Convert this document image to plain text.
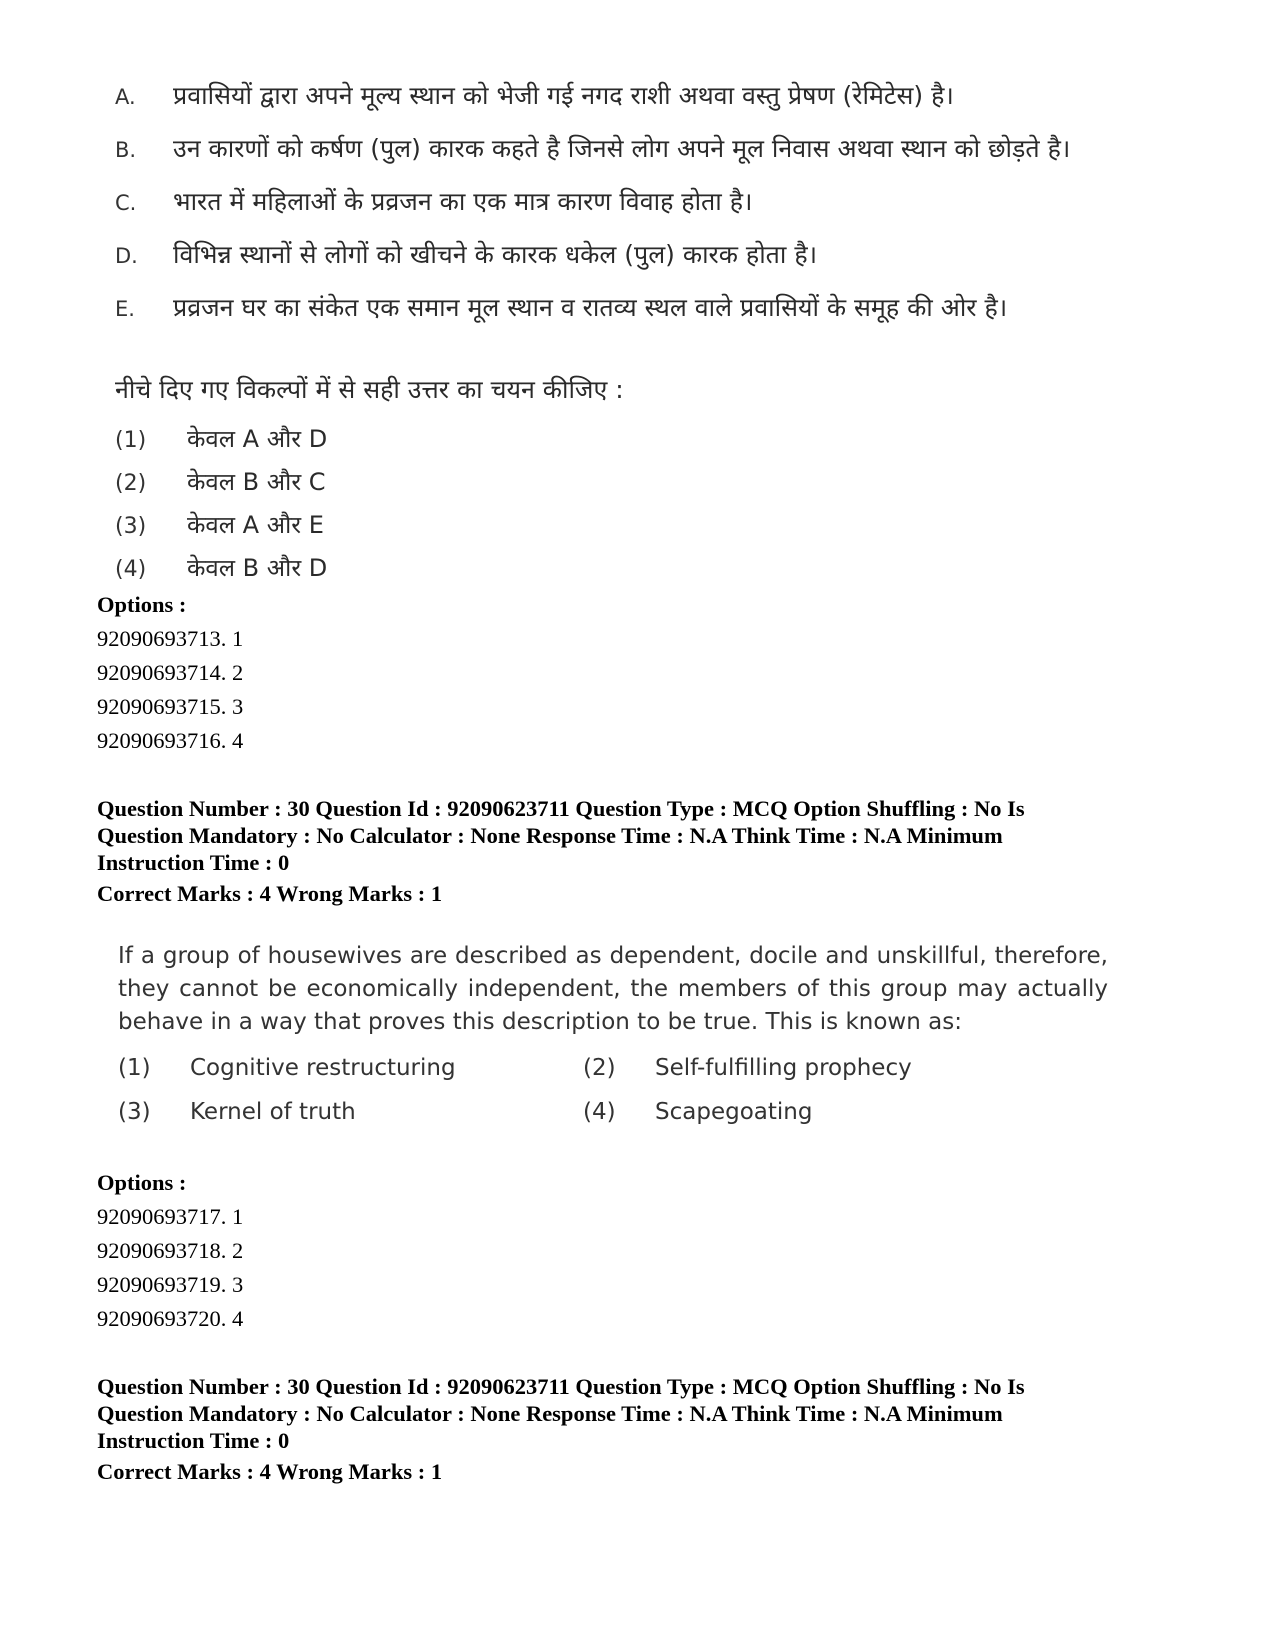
A.	प्रवासियों द्वारा अपने मूल्य स्थान को भेजी गई नगद राशी अथवा वस्तु प्रेषण (रेमिटेस) है।
B.	उन कारणों को कर्षण (पुल) कारक कहते है जिनसे लोग अपने मूल निवास अथवा स्थान को छोड़ते है।
C.	भारत में महिलाओं के प्रव्रजन का एक मात्र कारण विवाह होता है।
D.	विभिन्न स्थानों से लोगों को खीचने के कारक धकेल (पुल) कारक होता है।
E.	प्रव्रजन घर का संकेत एक समान मूल स्थान व रातव्य स्थल वाले प्रवासियों के समूह की ओर है।
नीचे दिए गए विकल्पों में से सही उत्तर का चयन कीजिए :
(1)	केवल A और D
(2)	केवल B और C
(3)	केवल A और E
(4)	केवल B और D
Options :
92090693713. 1
92090693714. 2
92090693715. 3
92090693716. 4
Question Number : 30 Question Id : 92090623711 Question Type : MCQ Option Shuffling : No Is
Question Mandatory : No Calculator : None Response Time : N.A Think Time : N.A Minimum
Instruction Time : 0
Correct Marks : 4 Wrong Marks : 1
If a group of housewives are described as dependent, docile and unskillful, therefore, they cannot be economically independent, the members of this group may actually behave in a way that proves this description to be true. This is known as:
(1)	Cognitive restructuring	(2)	Self-fulfilling prophecy
(3)	Kernel of truth	(4)	Scapegoating
Options :
92090693717. 1
92090693718. 2
92090693719. 3
92090693720. 4
Question Number : 30 Question Id : 92090623711 Question Type : MCQ Option Shuffling : No Is
Question Mandatory : No Calculator : None Response Time : N.A Think Time : N.A Minimum
Instruction Time : 0
Correct Marks : 4 Wrong Marks : 1
